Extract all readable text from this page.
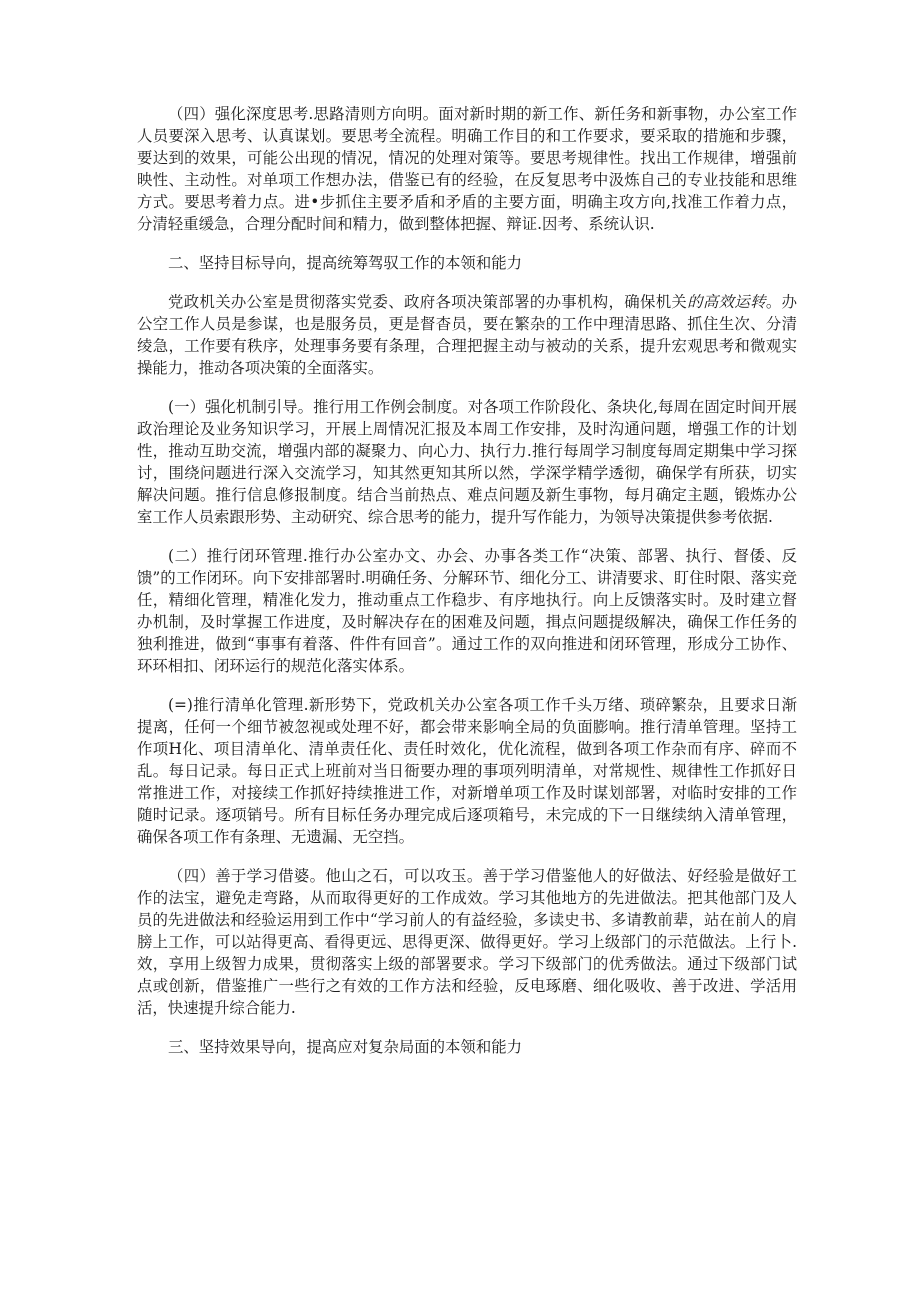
（四）强化深度思考.思路清则方向明。面对新时期的新工作、新任务和新事物，办公室工作人员要深入思考、认真谋划。要思考全流程。明确工作目的和工作要求，要采取的措施和步骤，要达到的效果，可能公出现的情况，情况的处理对策等。要思考规律性。找出工作规律，增强前映性、主动性。对单项工作想办法，借鉴已有的经验，在反复思考中汲炼自己的专业技能和思维方式。要思考着力点。进•步抓住主要矛盾和矛盾的主要方面，明确主攻方向,找准工作着力点，分清轻重缓急，合理分配时间和精力，做到整体把握、辩证.因考、系统认识.

二、坚持目标导向，提高统筹驾驭工作的本领和能力

党政机关办公室是贯彻落实党委、政府各项决策部署的办事机构，确保机关的高效运转。办公空工作人员是参谋，也是服务员，更是督杳员，要在繁杂的工作中理清思路、抓住生次、分清绫急，工作要有秩序，处理事务要有条理，合理把握主动与被动的关系，提升宏观思考和微观实操能力，推动各项决策的全面落实。

(一）强化机制引导。推行用工作例会制度。对各项工作阶段化、条块化,每周在固定时间开展政治理论及业务知识学习，开展上周情况汇报及本周工作安排，及时沟通问题，增强工作的计划性，推动互助交流，增强内部的凝聚力、向心力、执行力.推行每周学习制度每周定期集中学习探讨，围绕问题进行深入交流学习，知其然更知其所以然，学深学精学透彻，确保学有所获，切实解决问题。推行信息修报制度。结合当前热点、难点问题及新生事物，每月确定主题，锻炼办公室工作人员索跟形势、主动研究、综合思考的能力，提升写作能力，为领导决策提供参考依据.

(二）推行闭环管理.推行办公室办文、办会、办事各类工作“决策、部署、执行、督倭、反馈”的工作闭环。向下安排部署时.明确任务、分解环节、细化分工、讲清要求、盯住时限、落实竞任，精细化管理，精准化发力，推动重点工作稳步、有序地执行。向上反馈落实时。及时建立督办机制，及时掌握工作进度，及时解决存在的困难及问题，揖点问题提级解决，确保工作任务的独利推进，做到“事事有着落、件件有回音”。通过工作的双向推进和闭环管理，形成分工协作、环环相扣、闭环运行的规范化落实体系。

(=)推行清单化管理.新形势下，党政机关办公室各项工作千头万绪、琐碎繁杂，且要求日渐提离，任何一个细节被忽视或处理不好，都会带来影响全局的负面膨响。推行清单管理。坚持工作项H化、项目清单化、清单责任化、责任时效化，优化流程，做到各项工作杂而有序、碎而不乱。每日记录。每日正式上班前对当日衙要办理的事项列明清单，对常规性、规律性工作抓好日常推进工作，对接续工作抓好持续推进工作，对新增单项工作及时谋划部署，对临时安排的工作随时记录。逐项销号。所有目标任务办理完成后逐项箱号，未完成的下一日继续纳入清单管理，确保各项工作有条理、无遗漏、无空挡。

（四）善于学习借婆。他山之石，可以攻玉。善于学习借鉴他人的好做法、好经验是做好工作的法宝，避免走弯路，从而取得更好的工作成效。学习其他地方的先进做法。把其他部门及人员的先进做法和经验运用到工作中“学习前人的有益经验，多读史书、多请教前辈，站在前人的肩膀上工作，可以站得更高、看得更远、思得更深、做得更好。学习上级部门的示范做法。上行卜.效，享用上级智力成果，贯彻落实上级的部署要求。学习下级部门的优秀做法。通过下级部门试点或创新，借鉴推广一些行之有效的工作方法和经验，反电琢磨、细化吸收、善于改进、学活用活，快速提升综合能力.

三、坚持效果导向，提高应对复杂局面的本领和能力
